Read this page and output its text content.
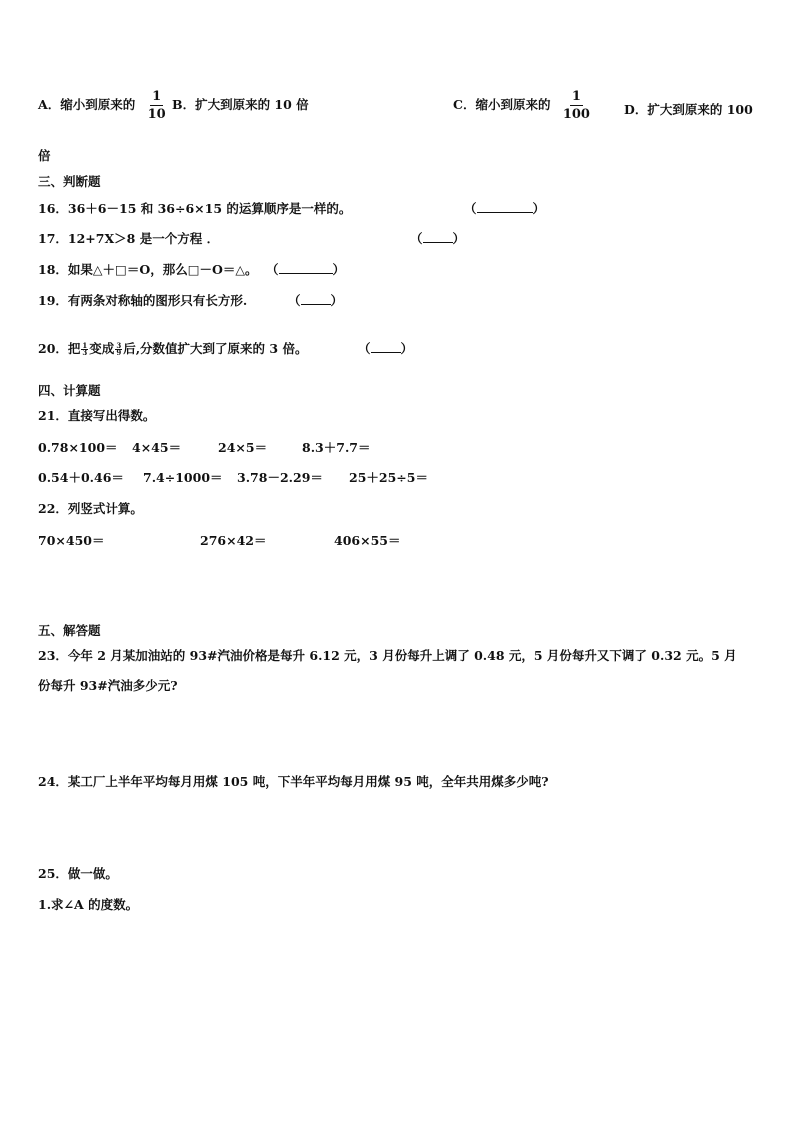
A．缩小到原来的 $\frac{1}{10}$ B．扩大到原来的 10 倍	C．缩小到原来的 $\frac{1}{100}$	D．扩大到原来的 100
倍
三、判断题
16．36＋6－15 和 36÷6×15 的运算顺序是一样的。	（	）
17．12+7X＞8 是一个方程 ．	（ ）
18．如果△＋□＝O，那么□－O＝△。 （	）
19．有两条对称轴的图形只有长方形.	（ ）
20．把 $\frac{1}{3}$ 变成 $\frac{3}{9}$ 后,分数值扩大到了原来的 3 倍。	（ ）
四、计算题
21．直接写出得数。
0.78×100＝ 4×45＝	24×5＝	8.3＋7.7＝
0.54＋0.46＝ 7.4÷1000＝ 3.78－2.29＝ 25＋25÷5＝
22．列竖式计算。
70×450＝	276×42＝	406×55＝
五、解答题
23．今年 2 月某加油站的 93#汽油价格是每升 6.12 元，3 月份每升上调了 0.48 元，5 月份每升又下调了 0.32 元。5 月
份每升 93#汽油多少元?
24．某工厂上半年平均每月用煤 105 吨，下半年平均每月用煤 95 吨，全年共用煤多少吨?
25．做一做。
1.求∠A 的度数。
